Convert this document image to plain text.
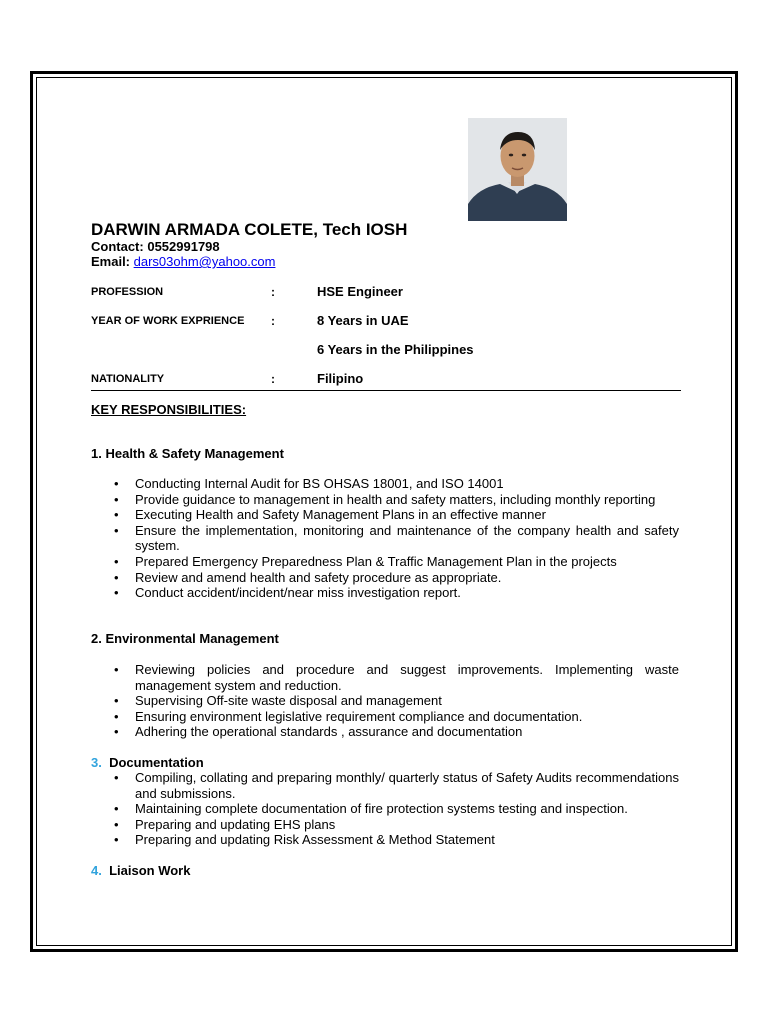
DARWIN ARMADA COLETE, Tech IOSH
Contact: 0552991798
Email: dars03ohm@yahoo.com
PROFESSION	:	HSE Engineer
YEAR OF WORK EXPRIENCE :	8 Years in UAE
6 Years in the Philippines
NATIONALITY	:	Filipino
KEY RESPONSIBILITIES:
1. Health & Safety Management
• Conducting Internal Audit for BS OHSAS 18001, and ISO 14001
• Provide guidance to management in health and safety matters, including monthly reporting
• Executing Health and Safety Management Plans in an effective manner
• Ensure the implementation, monitoring and maintenance of the company health and safety system.
• Prepared Emergency Preparedness Plan & Traffic Management Plan in the projects
• Review and amend health and safety procedure as appropriate.
• Conduct accident/incident/near miss investigation report.
2. Environmental Management
• Reviewing policies and procedure and suggest improvements. Implementing waste management system and reduction.
• Supervising Off-site waste disposal and management
• Ensuring environment legislative requirement compliance and documentation.
• Adhering the operational standards , assurance and documentation
3. Documentation
• Compiling, collating and preparing monthly/ quarterly status of Safety Audits recommendations and submissions.
• Maintaining complete documentation of fire protection systems testing and inspection.
• Preparing and updating EHS plans
• Preparing and updating Risk Assessment & Method Statement
4. Liaison Work
